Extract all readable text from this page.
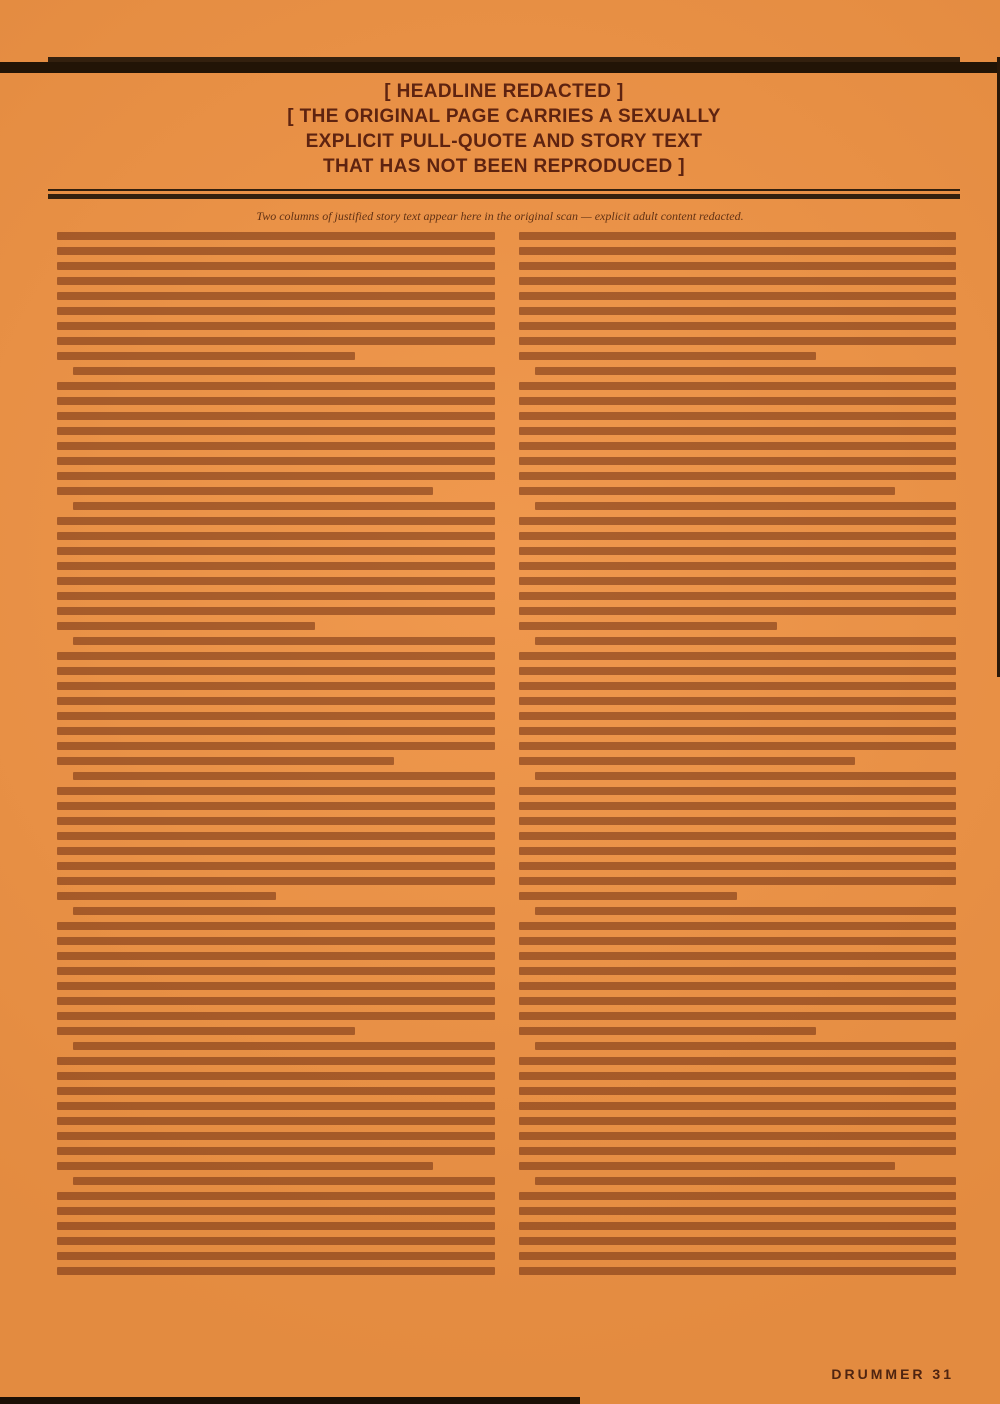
[ HEADLINE REDACTED ]
[ THE ORIGINAL PAGE CARRIES A SEXUALLY
EXPLICIT PULL-QUOTE AND STORY TEXT
THAT HAS NOT BEEN REPRODUCED ]
Two columns of justified story text appear here in the original scan — explicit adult content redacted.
DRUMMER 31
